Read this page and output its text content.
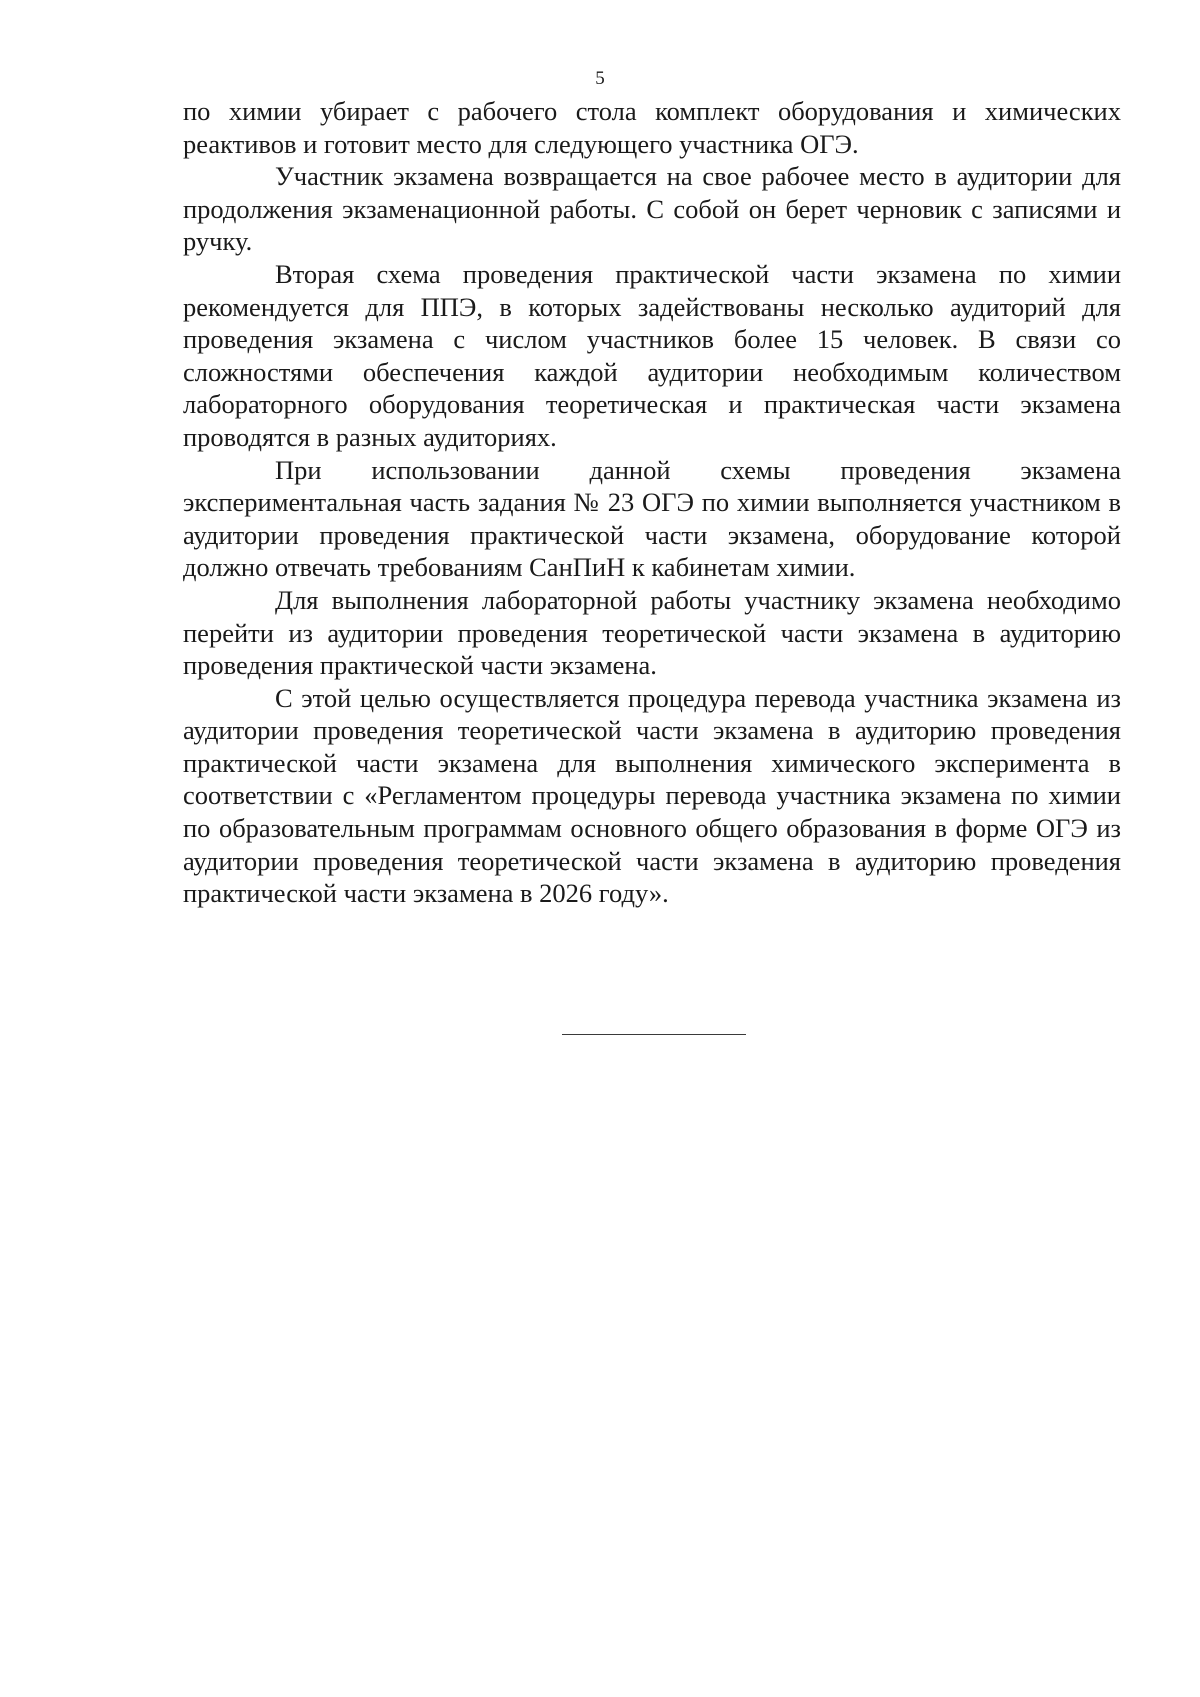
5

по химии убирает с рабочего стола комплект оборудования и химических реактивов и готовит место для следующего участника ОГЭ.

Участник экзамена возвращается на свое рабочее место в аудитории для продолжения экзаменационной работы. С собой он берет черновик с записями и ручку.

Вторая схема проведения практической части экзамена по химии рекомендуется для ППЭ, в которых задействованы несколько аудиторий для проведения экзамена с числом участников более 15 человек. В связи со сложностями обеспечения каждой аудитории необходимым количеством лабораторного оборудования теоретическая и практическая части экзамена проводятся в разных аудиториях.

При использовании данной схемы проведения экзамена экспериментальная часть задания № 23 ОГЭ по химии выполняется участником в аудитории проведения практической части экзамена, оборудование которой должно отвечать требованиям СанПиН к кабинетам химии.

Для выполнения лабораторной работы участнику экзамена необходимо перейти из аудитории проведения теоретической части экзамена в аудиторию проведения практической части экзамена.

С этой целью осуществляется процедура перевода участника экзамена из аудитории проведения теоретической части экзамена в аудиторию проведения практической части экзамена для выполнения химического эксперимента в соответствии с «Регламентом процедуры перевода участника экзамена по химии по образовательным программам основного общего образования в форме ОГЭ из аудитории проведения теоретической части экзамена в аудиторию проведения практической части экзамена в 2026 году».
